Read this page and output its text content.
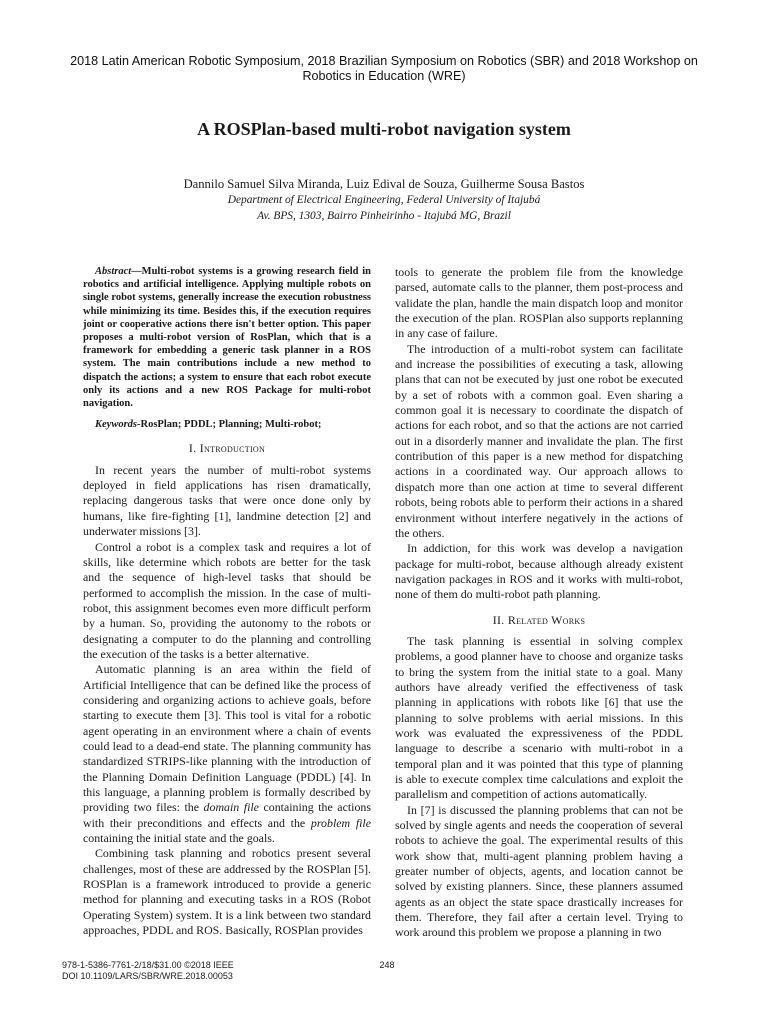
2018 Latin American Robotic Symposium, 2018 Brazilian Symposium on Robotics (SBR) and 2018 Workshop on Robotics in Education (WRE)
A ROSPlan-based multi-robot navigation system
Dannilo Samuel Silva Miranda, Luiz Edival de Souza, Guilherme Sousa Bastos
Department of Electrical Engineering, Federal University of Itajubá
Av. BPS, 1303, Bairro Pinheirinho - Itajubá MG, Brazil

Abstract—Multi-robot systems is a growing research field in robotics and artificial intelligence. Applying multiple robots on single robot systems, generally increase the execution robustness while minimizing its time. Besides this, if the execution requires joint or cooperative actions there isn't better option. This paper proposes a multi-robot version of RosPlan, which that is a framework for embedding a generic task planner in a ROS system. The main contributions include a new method to dispatch the actions; a system to ensure that each robot execute only its actions and a new ROS Package for multi-robot navigation.

Keywords-RosPlan; PDDL; Planning; Multi-robot;

I. Introduction

In recent years the number of multi-robot systems deployed in field applications has risen dramatically, replacing dangerous tasks that were once done only by humans, like fire-fighting [1], landmine detection [2] and underwater missions [3].

Control a robot is a complex task and requires a lot of skills, like determine which robots are better for the task and the sequence of high-level tasks that should be performed to accomplish the mission. In the case of multi-robot, this assignment becomes even more difficult perform by a human. So, providing the autonomy to the robots or designating a computer to do the planning and controlling the execution of the tasks is a better alternative.

Automatic planning is an area within the field of Artificial Intelligence that can be defined like the process of considering and organizing actions to achieve goals, before starting to execute them [3]. This tool is vital for a robotic agent operating in an environment where a chain of events could lead to a dead-end state. The planning community has standardized STRIPS-like planning with the introduction of the Planning Domain Definition Language (PDDL) [4]. In this language, a planning problem is formally described by providing two files: the domain file containing the actions with their preconditions and effects and the problem file containing the initial state and the goals.

Combining task planning and robotics present several challenges, most of these are addressed by the ROSPlan [5]. ROSPlan is a framework introduced to provide a generic method for planning and executing tasks in a ROS (Robot Operating System) system. It is a link between two standard approaches, PDDL and ROS. Basically, ROSPlan provides

tools to generate the problem file from the knowledge parsed, automate calls to the planner, them post-process and validate the plan, handle the main dispatch loop and monitor the execution of the plan. ROSPlan also supports replanning in any case of failure.

The introduction of a multi-robot system can facilitate and increase the possibilities of executing a task, allowing plans that can not be executed by just one robot be executed by a set of robots with a common goal. Even sharing a common goal it is necessary to coordinate the dispatch of actions for each robot, and so that the actions are not carried out in a disorderly manner and invalidate the plan. The first contribution of this paper is a new method for dispatching actions in a coordinated way. Our approach allows to dispatch more than one action at time to several different robots, being robots able to perform their actions in a shared environment without interfere negatively in the actions of the others.

In addiction, for this work was develop a navigation package for multi-robot, because although already existent navigation packages in ROS and it works with multi-robot, none of them do multi-robot path planning.

II. Related Works

The task planning is essential in solving complex problems, a good planner have to choose and organize tasks to bring the system from the initial state to a goal. Many authors have already verified the effectiveness of task planning in applications with robots like [6] that use the planning to solve problems with aerial missions. In this work was evaluated the expressiveness of the PDDL language to describe a scenario with multi-robot in a temporal plan and it was pointed that this type of planning is able to execute complex time calculations and exploit the parallelism and competition of actions automatically.

In [7] is discussed the planning problems that can not be solved by single agents and needs the cooperation of several robots to achieve the goal. The experimental results of this work show that, multi-agent planning problem having a greater number of objects, agents, and location cannot be solved by existing planners. Since, these planners assumed agents as an object the state space drastically increases for them. Therefore, they fail after a certain level. Trying to work around this problem we propose a planning in two

978-1-5386-7761-2/18/$31.00 ©2018 IEEE
DOI 10.1109/LARS/SBR/WRE.2018.00053
248
